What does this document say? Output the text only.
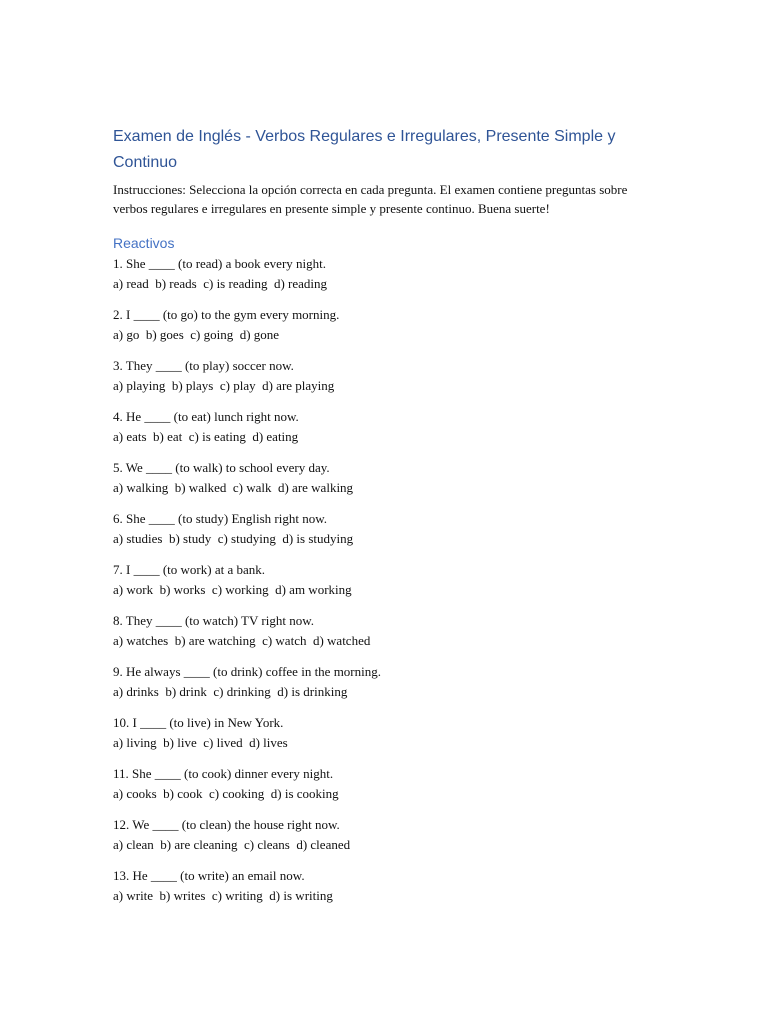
Examen de Inglés - Verbos Regulares e Irregulares, Presente Simple y Continuo

Instrucciones: Selecciona la opción correcta en cada pregunta. El examen contiene preguntas sobre verbos regulares e irregulares en presente simple y presente continuo. Buena suerte!

Reactivos
1. She ____ (to read) a book every night.
a) read  b) reads  c) is reading  d) reading
2. I ____ (to go) to the gym every morning.
a) go  b) goes  c) going  d) gone
3. They ____ (to play) soccer now.
a) playing  b) plays  c) play  d) are playing
4. He ____ (to eat) lunch right now.
a) eats  b) eat  c) is eating  d) eating
5. We ____ (to walk) to school every day.
a) walking  b) walked  c) walk  d) are walking
6. She ____ (to study) English right now.
a) studies  b) study  c) studying  d) is studying
7. I ____ (to work) at a bank.
a) work  b) works  c) working  d) am working
8. They ____ (to watch) TV right now.
a) watches  b) are watching  c) watch  d) watched
9. He always ____ (to drink) coffee in the morning.
a) drinks  b) drink  c) drinking  d) is drinking
10. I ____ (to live) in New York.
a) living  b) live  c) lived  d) lives
11. She ____ (to cook) dinner every night.
a) cooks  b) cook  c) cooking  d) is cooking
12. We ____ (to clean) the house right now.
a) clean  b) are cleaning  c) cleans  d) cleaned
13. He ____ (to write) an email now.
a) write  b) writes  c) writing  d) is writing
